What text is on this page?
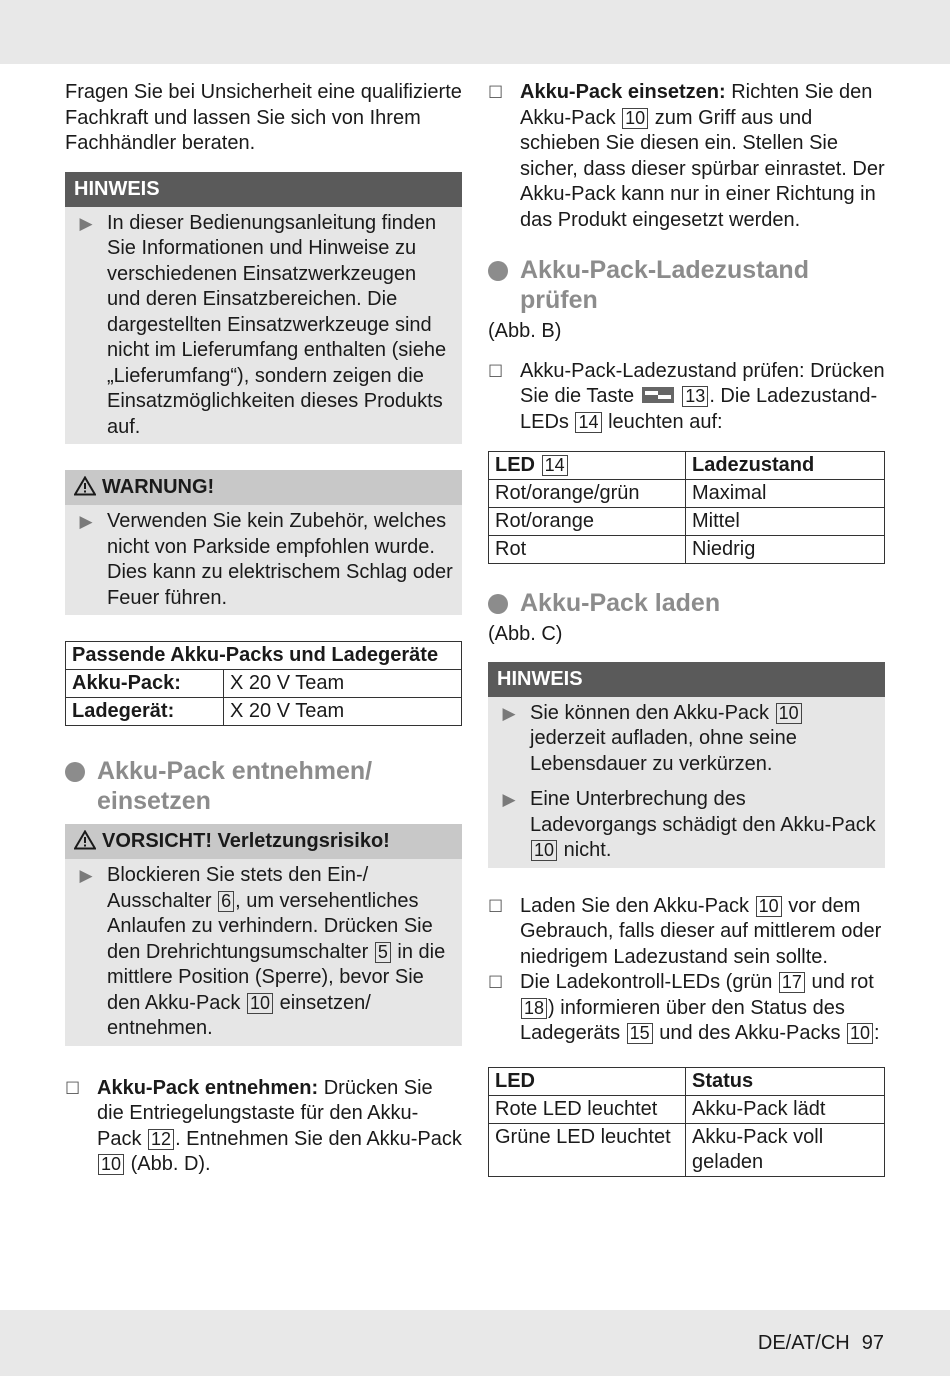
Fragen Sie bei Unsicherheit eine qualifizierte Fachkraft und lassen Sie sich von Ihrem Fachhändler beraten.

HINWEIS
▶ In dieser Bedienungsanleitung finden Sie Informationen und Hinweise zu verschiedenen Einsatzwerkzeugen und deren Einsatzbereichen. Die dargestellten Einsatzwerkzeuge sind nicht im Lieferumfang enthalten (siehe „Lieferumfang“), sondern zeigen die Einsatzmöglichkeiten dieses Produkts auf.
WARNUNG!
▶ Verwenden Sie kein Zubehör, welches nicht von Parkside empfohlen wurde. Dies kann zu elektrischem Schlag oder Feuer führen.
Passende Akku-Packs und Ladegeräte	
Akku-Pack:	X 20 V Team
Ladegerät:	X 20 V Team
Akku-Pack entnehmen/ einsetzen
VORSICHT! Verletzungsrisiko!
▶ Blockieren Sie stets den Ein-/ Ausschalter 6 , um versehentliches Anlaufen zu verhindern. Drücken Sie den Drehrichtungsumschalter 5 in die mittlere Position (Sperre), bevor Sie den Akku-Pack 10 einsetzen/ entnehmen.
☐ Akku-Pack entnehmen: Drücken Sie die Entriegelungstaste für den Akku-Pack 12 . Entnehmen Sie den Akku-Pack 10 (Abb. D).
☐ Akku-Pack einsetzen: Richten Sie den Akku-Pack 10 zum Griff aus und schieben Sie diesen ein. Stellen Sie sicher, dass dieser spürbar einrastet. Der Akku-Pack kann nur in einer Richtung in das Produkt eingesetzt werden.
Akku-Pack-Ladezustand prüfen

(Abb. B)

☐ Akku-Pack-Ladezustand prüfen: Drücken Sie die Taste	13 . Die Ladezustand-LEDs 14 leuchten auf:
LED 14	Ladezustand
Rot/orange/grün	Maximal
Rot/orange	Mittel
Rot	Niedrig
Akku-Pack laden

(Abb. C)

HINWEIS
▶ Sie können den Akku-Pack 10 jederzeit aufladen, ohne seine Lebensdauer zu verkürzen.
▶ Eine Unterbrechung des Ladevorgangs schädigt den Akku-Pack 10 nicht.
☐ Laden Sie den Akku-Pack 10 vor dem Gebrauch, falls dieser auf mittlerem oder niedrigem Ladezustand sein sollte.
☐ Die Ladekontroll-LEDs (grün 17 und rot 18 ) informieren über den Status des Ladegeräts 15 und des Akku-Packs 10 :
LED	Status
Rote LED leuchtet	Akku-Pack lädt
Grüne LED leuchtet	Akku-Pack voll geladen
DE/AT/CH 97
